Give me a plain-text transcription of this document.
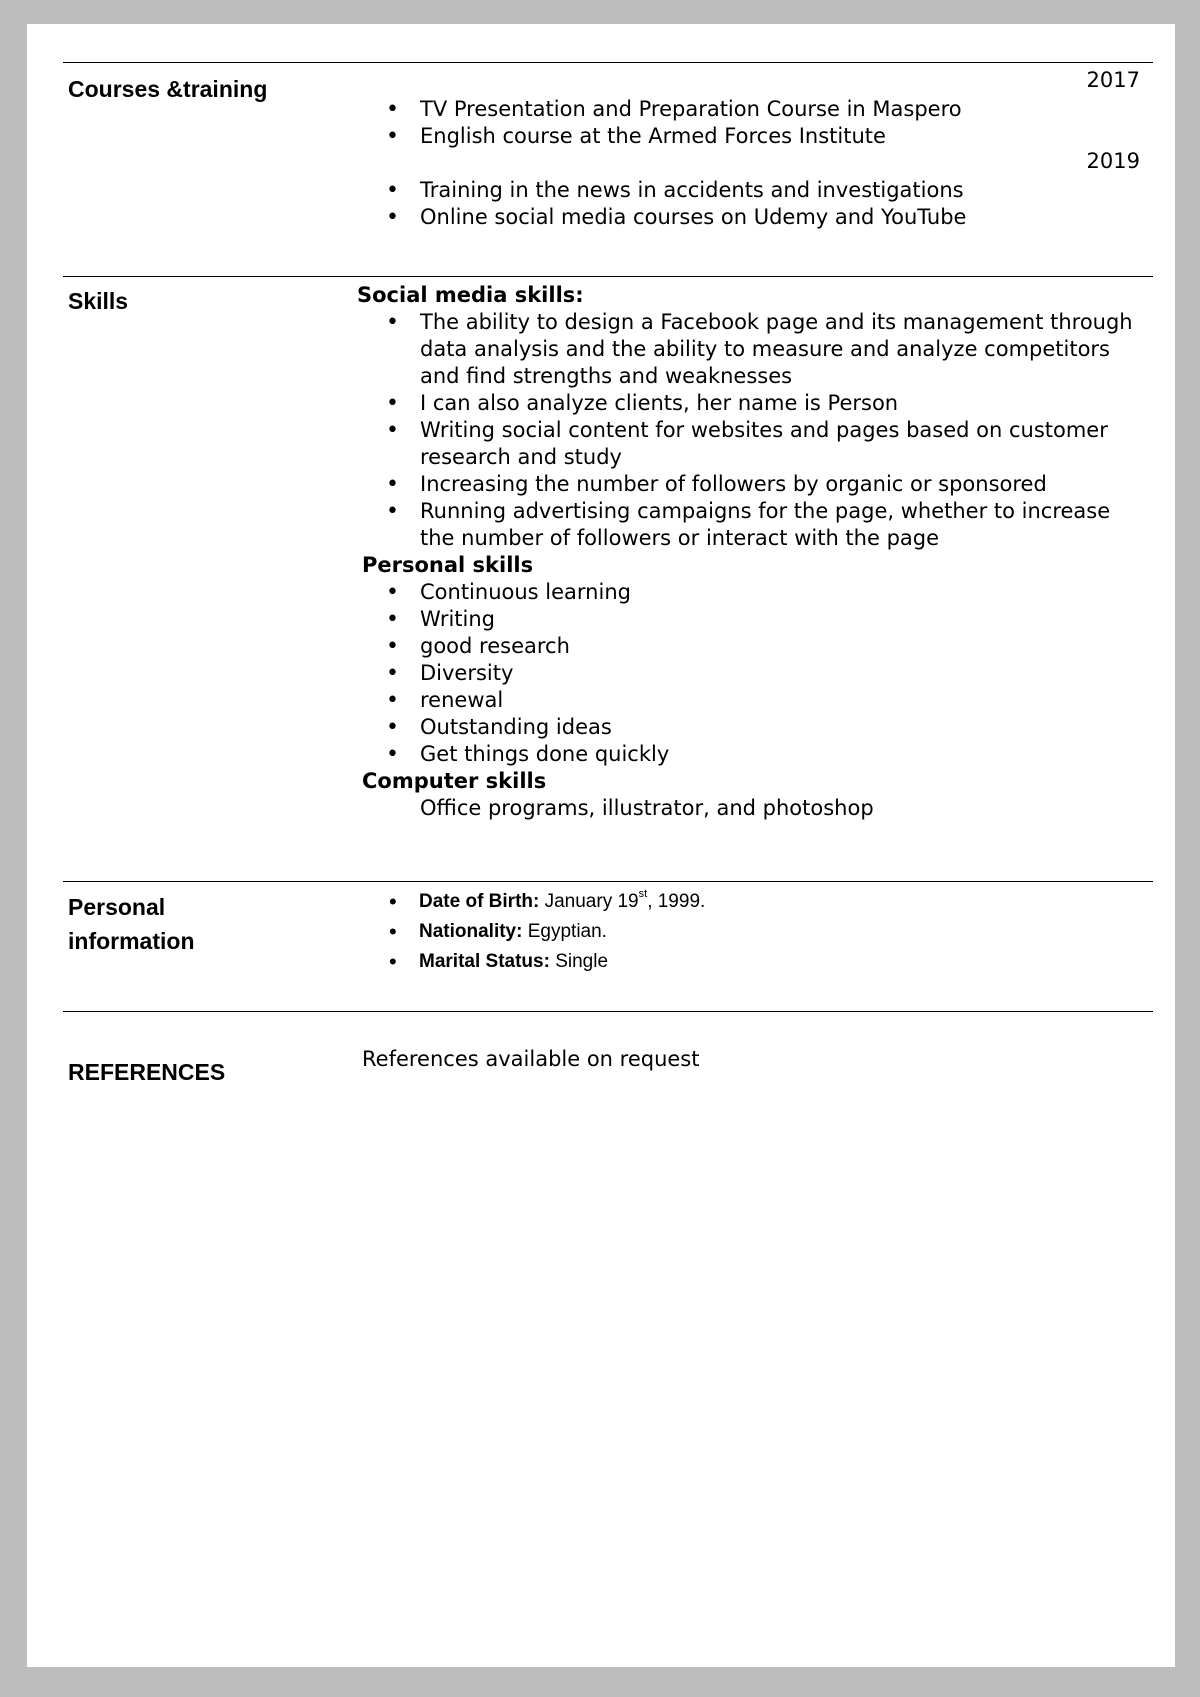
Courses &training	2017
• TV Presentation and Preparation Course in Maspero
• English course at the Armed Forces Institute
2019
• Training in the news in accidents and investigations
• Online social media courses on Udemy and YouTube
Skills	Social media skills:
• The ability to design a Facebook page and its management through data analysis and the ability to measure and analyze competitors and find strengths and weaknesses
• I can also analyze clients, her name is Person
• Writing social content for websites and pages based on customer research and study
• Increasing the number of followers by organic or sponsored
• Running advertising campaigns for the page, whether to increase the number of followers or interact with the page
Personal skills
• Continuous learning
• Writing
• good research
• Diversity
• renewal
• Outstanding ideas
• Get things done quickly
Computer skills
Office programs, illustrator, and photoshop
Personal
information
• Date of Birth: January 19st, 1999.
• Nationality: Egyptian.
• Marital Status: Single
REFERENCES	References available on request
